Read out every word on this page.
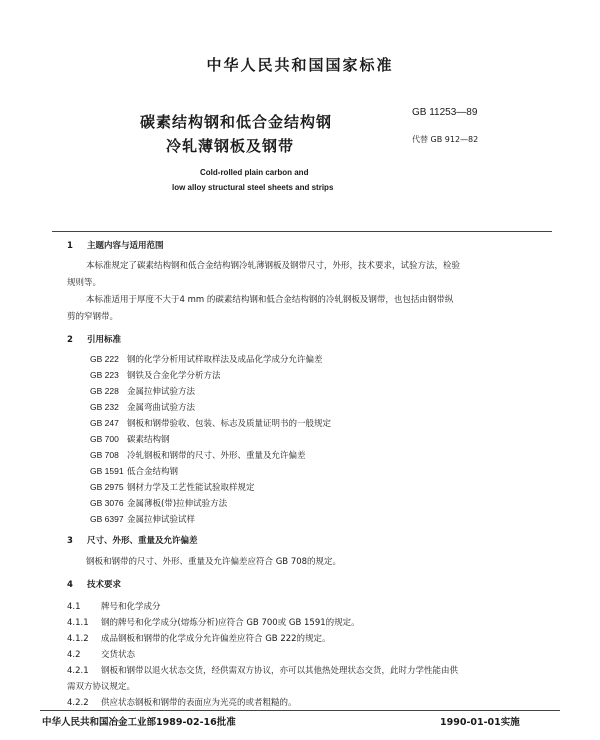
中华人民共和国国家标准
碳素结构钢和低合金结构钢
冷轧薄钢板及钢带
GB 11253—89
代替 GB 912—82
Cold-rolled plain carbon and
low alloy structural steel sheets and strips
1 主题内容与适用范围
本标准规定了碳素结构钢和低合金结构钢冷轧薄钢板及钢带尺寸，外形，技术要求，试验方法，检验
规则等。
本标准适用于厚度不大于4 mm 的碳素结构钢和低合金结构钢的冷轧钢板及钢带，也包括由钢带纵
剪的窄钢带。
2 引用标准
GB 222 钢的化学分析用试样取样法及成品化学成分允许偏差
GB 223 钢铁及合金化学分析方法
GB 228 金属拉伸试验方法
GB 232 金属弯曲试验方法
GB 247 钢板和钢带验收、包装、标志及质量证明书的一般规定
GB 700 碳素结构钢
GB 708 冷轧钢板和钢带的尺寸、外形、重量及允许偏差
GB 1591 低合金结构钢
GB 2975 钢材力学及工艺性能试验取样规定
GB 3076 金属薄板(带)拉伸试验方法
GB 6397 金属拉伸试验试样
3 尺寸、外形、重量及允许偏差
钢板和钢带的尺寸、外形、重量及允许偏差应符合 GB 708的规定。
4 技术要求
4.1 牌号和化学成分
4.1.1 钢的牌号和化学成分(熔炼分析)应符合 GB 700或 GB 1591的规定。
4.1.2 成品钢板和钢带的化学成分允许偏差应符合 GB 222的规定。
4.2 交货状态
4.2.1 钢板和钢带以退火状态交货，经供需双方协议，亦可以其他热处理状态交货，此时力学性能由供
需双方协议规定。
4.2.2 供应状态钢板和钢带的表面应为光亮的或者粗糙的。
中华人民共和国冶金工业部1989-02-16批准	1990-01-01实施
